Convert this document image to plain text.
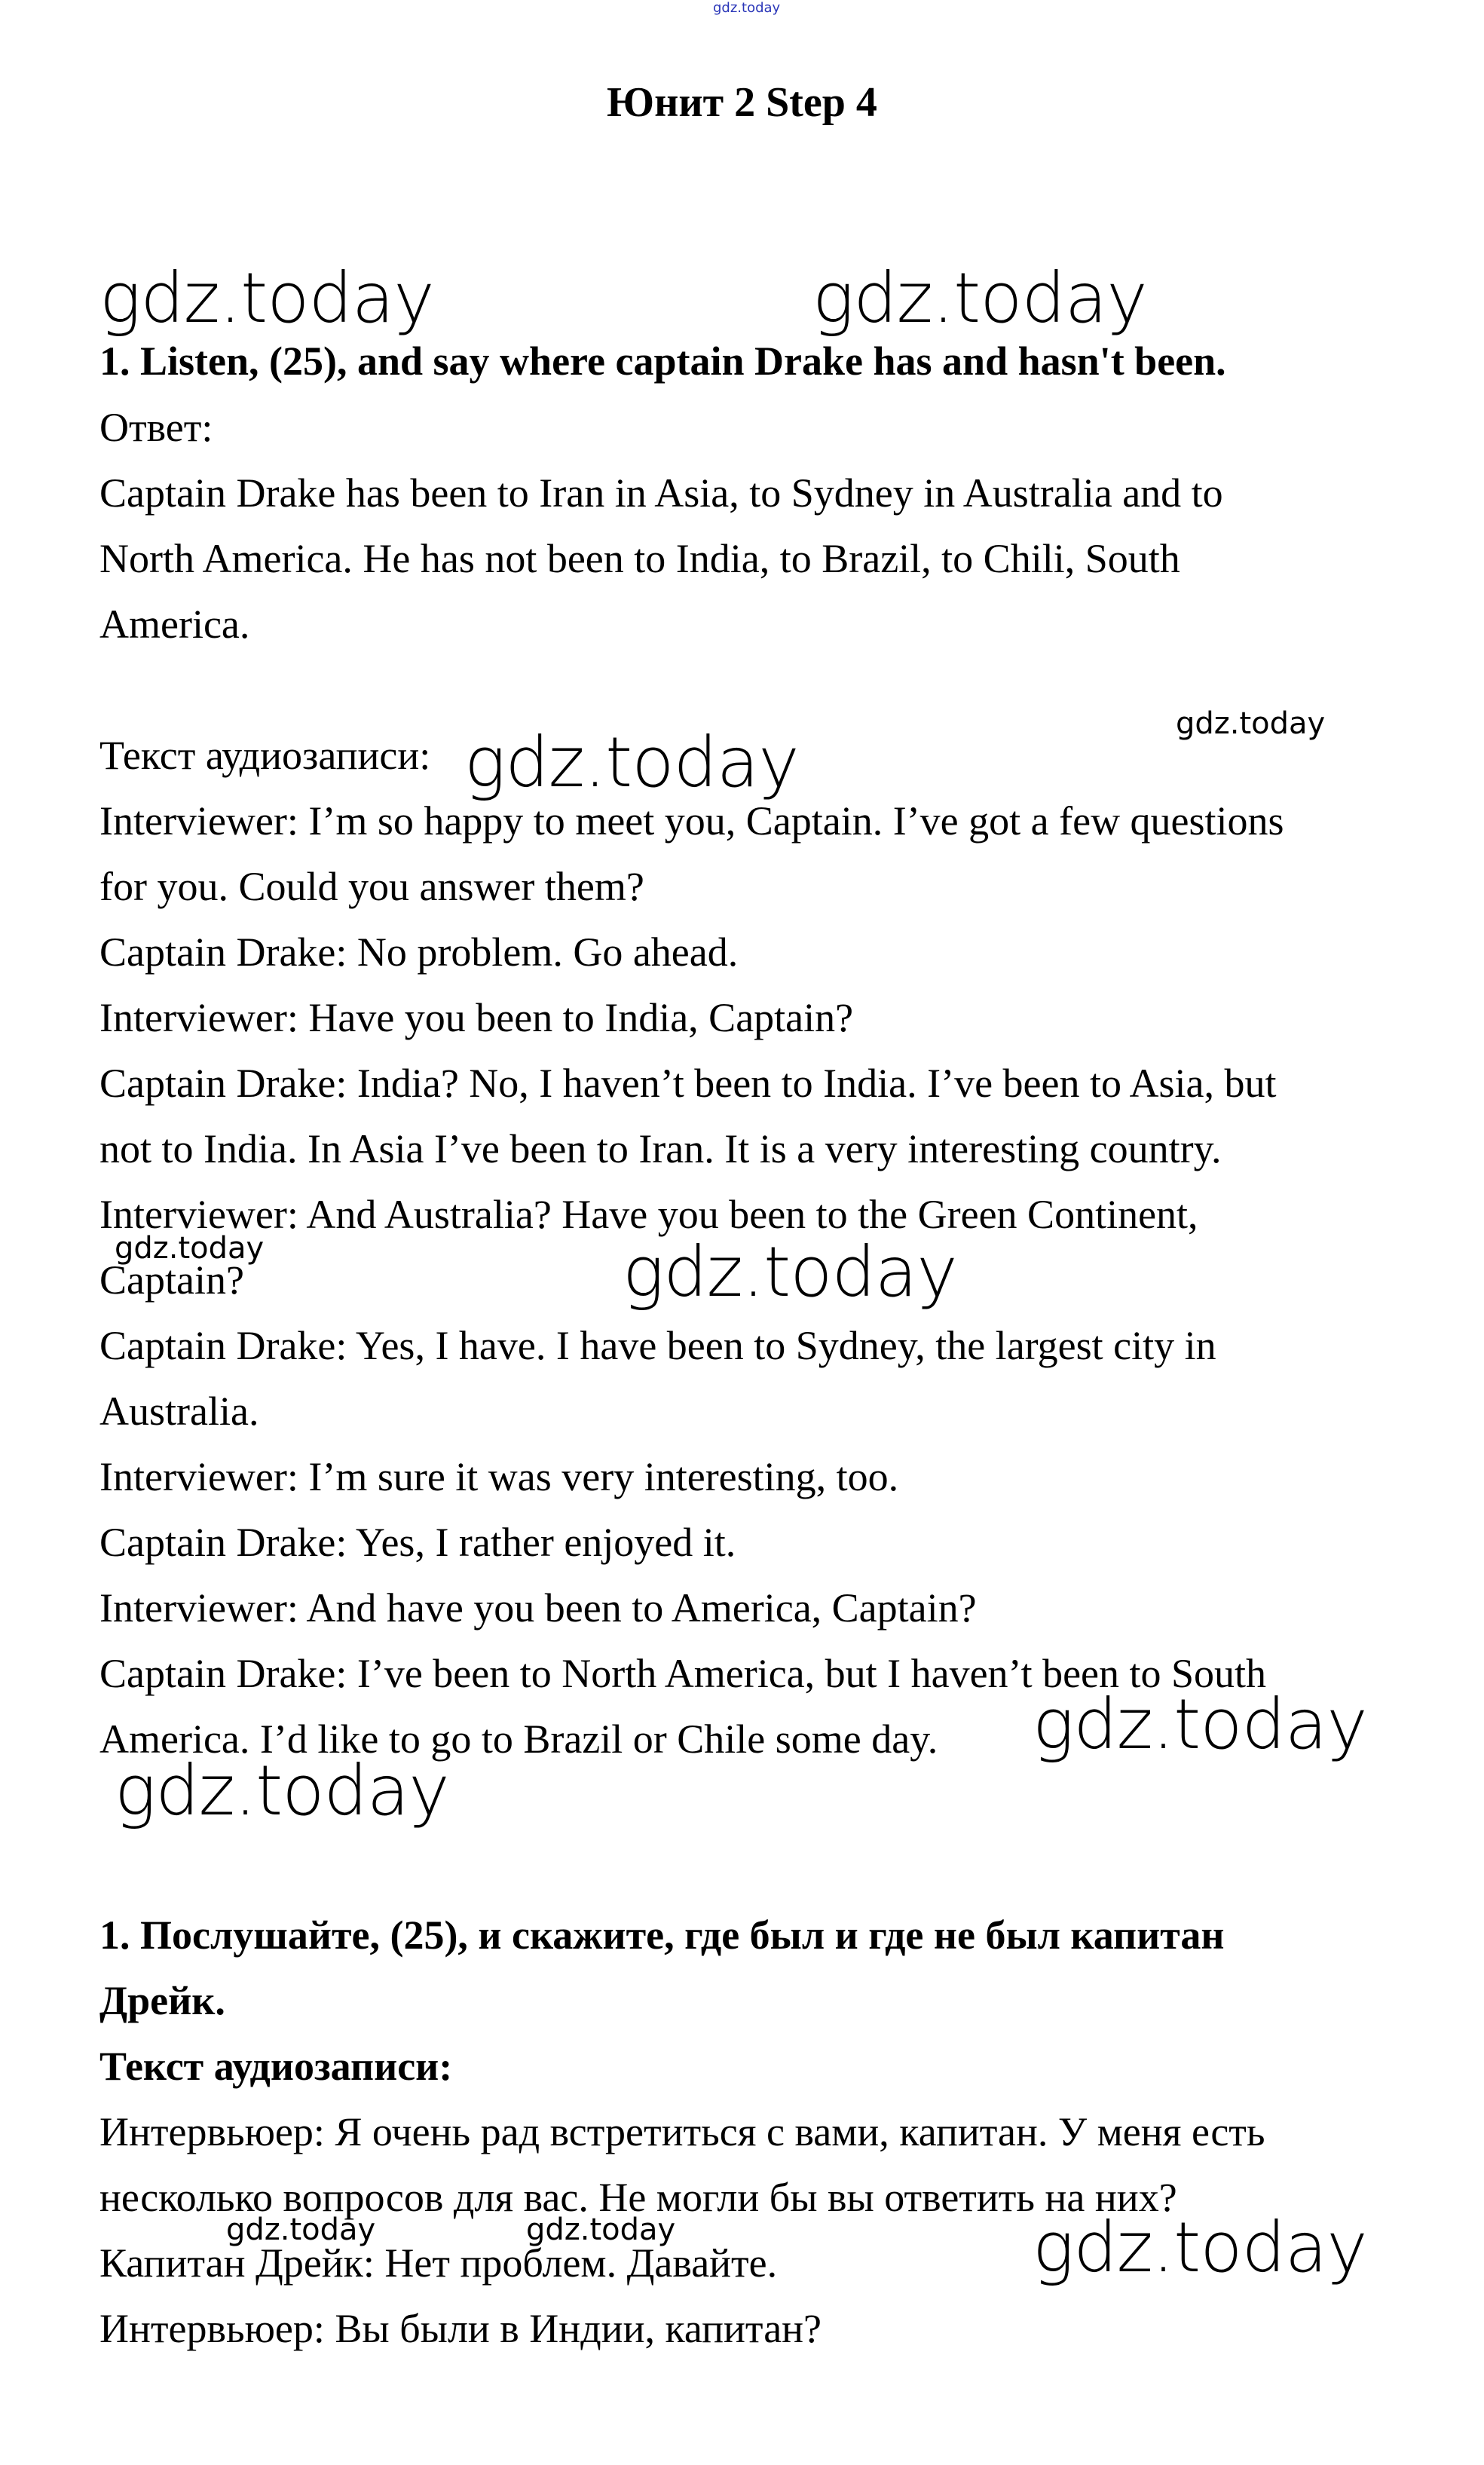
gdz.today
Юнит 2 Step 4
gdz.today	gdz.today
gdz.today
gdz.today
gdz.today	gdz.today
gdz.today
gdz.today
gdz.today	gdz.today	gdz.today
1. Listen, (25), and say where captain Drake has and hasn't been.
Ответ:
Captain Drake has been to Iran in Asia, to Sydney in Australia and to
North America. He has not been to India, to Brazil, to Chili, South
America.
Текст аудиозаписи:
Interviewer: I’m so happy to meet you, Captain. I’ve got a few questions
for you. Could you answer them?
Captain Drake: No problem. Go ahead.
Interviewer: Have you been to India, Captain?
Captain Drake: India? No, I haven’t been to India. I’ve been to Asia, but
not to India. In Asia I’ve been to Iran. It is a very interesting country.
Interviewer: And Australia? Have you been to the Green Continent,
Captain?
Captain Drake: Yes, I have. I have been to Sydney, the largest city in
Australia.
Interviewer: I’m sure it was very interesting, too.
Captain Drake: Yes, I rather enjoyed it.
Interviewer: And have you been to America, Captain?
Captain Drake: I’ve been to North America, but I haven’t been to South
America. I’d like to go to Brazil or Chile some day.
1. Послушайте, (25), и скажите, где был и где не был капитан
Дрейк.
Текст аудиозаписи:
Интервьюер: Я очень рад встретиться с вами, капитан. У меня есть
несколько вопросов для вас. Не могли бы вы ответить на них?
Капитан Дрейк: Нет проблем. Давайте.
Интервьюер: Вы были в Индии, капитан?
